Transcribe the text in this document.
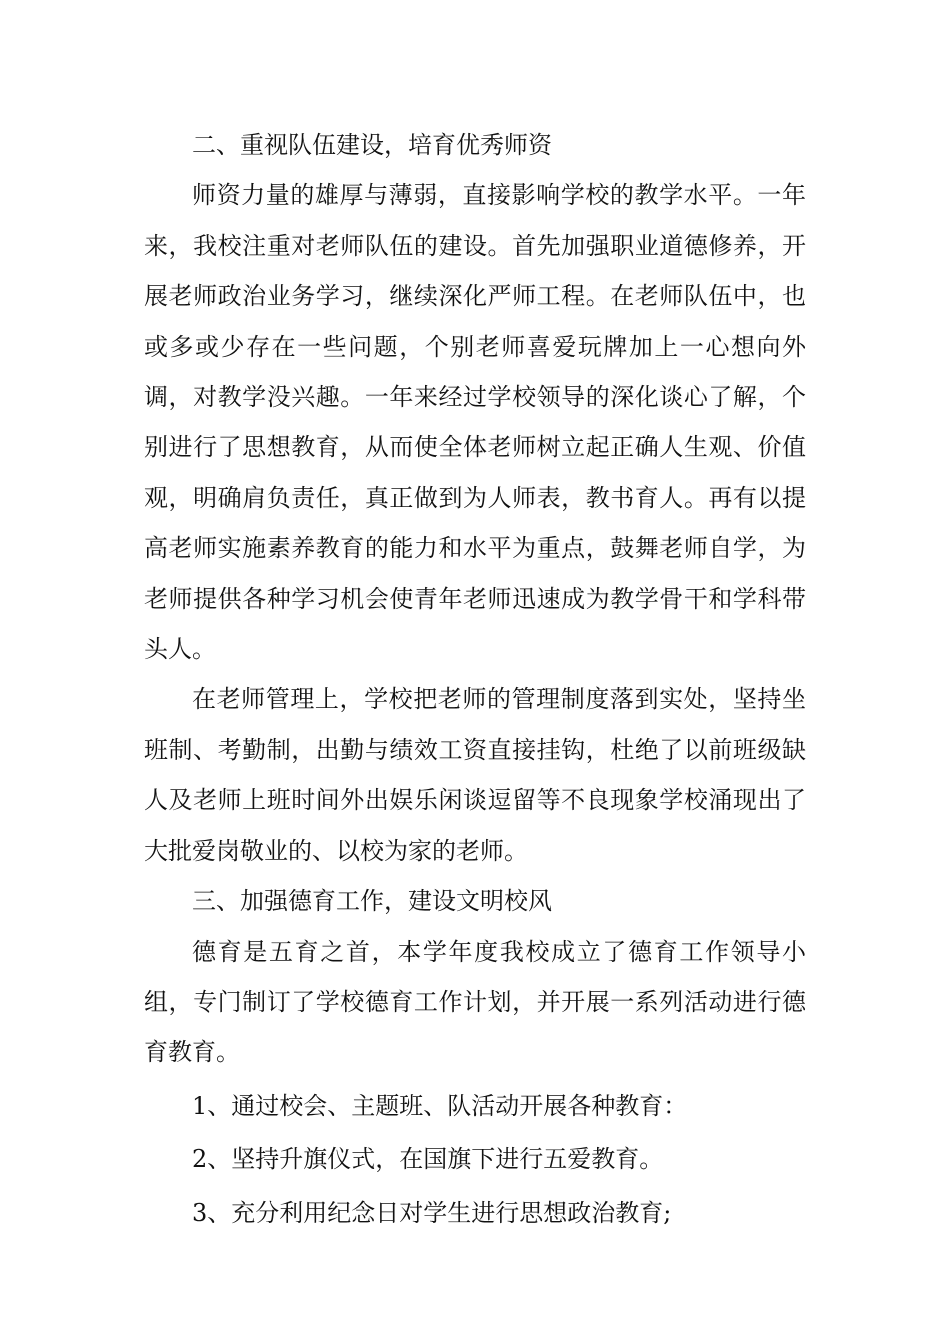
二、重视队伍建设，培育优秀师资

师资力量的雄厚与薄弱，直接影响学校的教学水平。一年来，我校注重对老师队伍的建设。首先加强职业道德修养，开展老师政治业务学习，继续深化严师工程。在老师队伍中，也或多或少存在一些问题，个别老师喜爱玩牌加上一心想向外调，对教学没兴趣。一年来经过学校领导的深化谈心了解，个别进行了思想教育，从而使全体老师树立起正确人生观、价值观，明确肩负责任，真正做到为人师表，教书育人。再有以提高老师实施素养教育的能力和水平为重点，鼓舞老师自学，为老师提供各种学习机会使青年老师迅速成为教学骨干和学科带头人。

在老师管理上，学校把老师的管理制度落到实处，坚持坐班制、考勤制，出勤与绩效工资直接挂钩，杜绝了以前班级缺人及老师上班时间外出娱乐闲谈逗留等不良现象学校涌现出了大批爱岗敬业的、以校为家的老师。

三、加强德育工作，建设文明校风

德育是五育之首，本学年度我校成立了德育工作领导小组，专门制订了学校德育工作计划，并开展一系列活动进行德育教育。

1、通过校会、主题班、队活动开展各种教育：

2、坚持升旗仪式，在国旗下进行五爱教育。

3、充分利用纪念日对学生进行思想政治教育;
